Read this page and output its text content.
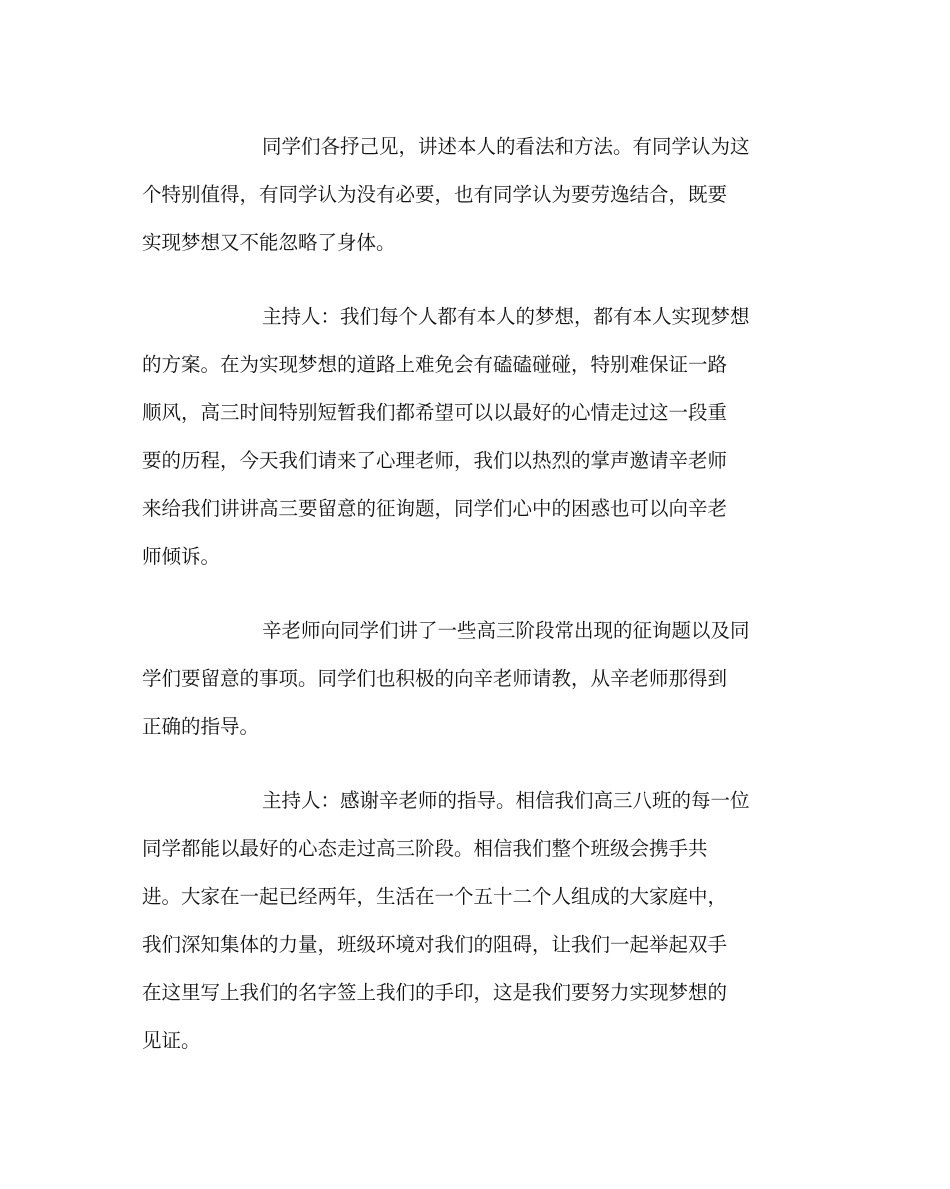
同学们各抒己见，讲述本人的看法和方法。有同学认为这

个特别值得，有同学认为没有必要，也有同学认为要劳逸结合，既要

实现梦想又不能忽略了身体。

主持人：我们每个人都有本人的梦想，都有本人实现梦想

的方案。在为实现梦想的道路上难免会有磕磕碰碰，特别难保证一路

顺风，高三时间特别短暂我们都希望可以以最好的心情走过这一段重

要的历程，今天我们请来了心理老师，我们以热烈的掌声邀请辛老师

来给我们讲讲高三要留意的征询题，同学们心中的困惑也可以向辛老

师倾诉。

辛老师向同学们讲了一些高三阶段常出现的征询题以及同

学们要留意的事项。同学们也积极的向辛老师请教，从辛老师那得到

正确的指导。

主持人：感谢辛老师的指导。相信我们高三八班的每一位

同学都能以最好的心态走过高三阶段。相信我们整个班级会携手共

进。大家在一起已经两年，生活在一个五十二个人组成的大家庭中，

我们深知集体的力量，班级环境对我们的阻碍，让我们一起举起双手

在这里写上我们的名字签上我们的手印，这是我们要努力实现梦想的

见证。
